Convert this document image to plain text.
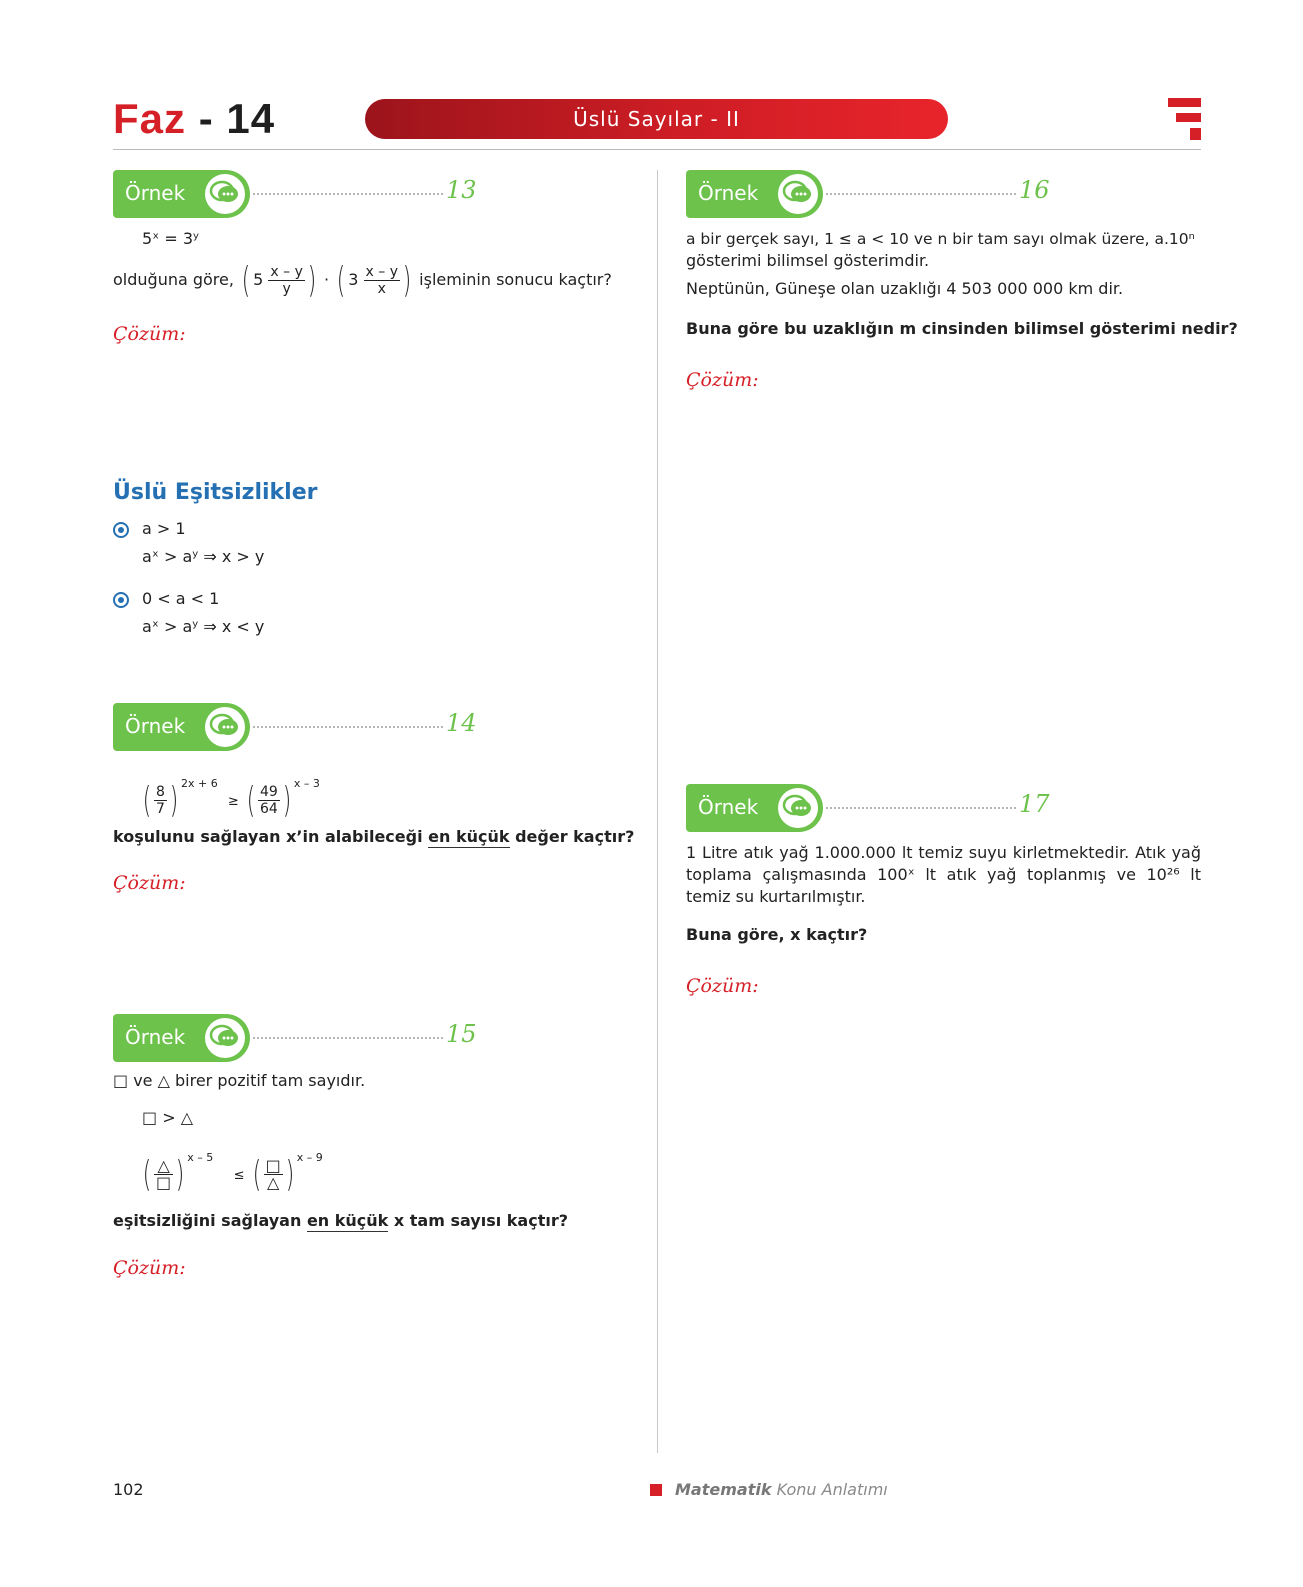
Faz - 14	Üslü Sayılar - II
Örnek	13
5ˣ = 3ʸ
olduğuna göre, ( $5 \frac{x - y}{y}$ ) · ( $3 \frac{x - y}{x}$ ) işleminin sonucu kaçtır?
Çözüm:
Üslü Eşitsizlikler
a > 1
aˣ > aʸ ⇒ x > y
0 < a < 1
aˣ > aʸ ⇒ x < y
Örnek	14
( $\frac{8}{7}$ ) $^{2x + 6}$  ≥ ( $\frac{49}{64}$ ) $^{x - 3}$
koşulunu sağlayan x’in alabileceği en küçük değer kaçtır?
Çözüm:
Örnek	15
□ ve △ birer pozitif tam sayıdır.
□ > △
( $\frac{\triangle}{□}$ ) $^{x - 5}$    ≤ ( $\frac{□}{\triangle}$ ) $^{x - 9}$
eşitsizliğini sağlayan en küçük x tam sayısı kaçtır?
Çözüm:
Örnek	16
a bir gerçek sayı, 1 ≤ a < 10 ve n bir tam sayı olmak üzere, a.10ⁿ
gösterimi bilimsel gösterimdir.
Neptünün, Güneşe olan uzaklığı 4 503 000 000 km dir.
Buna göre bu uzaklığın m cinsinden bilimsel gösterimi nedir?
Çözüm:
Örnek	17
1 Litre atık yağ 1.000.000 lt temiz suyu kirletmektedir. Atık yağ toplama çalışmasında 100ˣ lt atık yağ toplanmış ve 10²⁶ lt temiz su kurtarılmıştır.
Buna göre, x kaçtır?
Çözüm:
102	Matematik Konu Anlatımı
